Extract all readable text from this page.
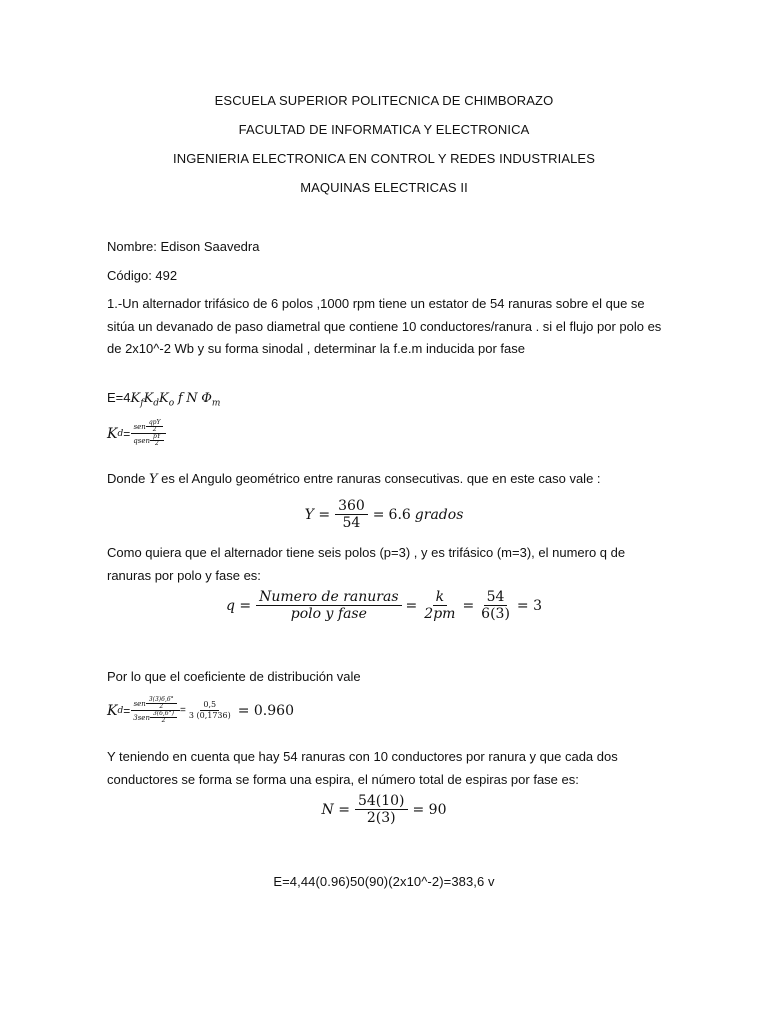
ESCUELA SUPERIOR POLITECNICA DE CHIMBORAZO
FACULTAD DE INFORMATICA Y ELECTRONICA
INGENIERIA ELECTRONICA EN CONTROL Y REDES INDUSTRIALES
MAQUINAS ELECTRICAS II
Nombre: Edison Saavedra
Código: 492
1.-Un alternador trifásico de 6 polos ,1000 rpm tiene un estator de 54 ranuras sobre el que se sitúa un devanado de paso diametral que contiene 10 conductores/ranura . si el flujo por polo es de 2x10^-2 Wb y su forma sinodal , determinar la f.e.m inducida por fase
$E=4K_fK_dK_o$ f N $\Phi_m$
K $d = \frac{sen \frac{\text{qpY}}{2}}{qsen \frac{pY}{2}}$
Donde Υ es el Angulo geométrico entre ranuras consecutivas. que en este caso vale :
$\Upsilon = \frac{360}{54} = 6.6$ grados
Como quiera que el alternador tiene seis polos (p=3) , y es trifásico (m=3), el numero q de ranuras por polo y fase es:
$q = \frac{\text{Numero de ranuras}}{\text{polo y fase}} = \frac{k}{2pm} = \frac{54}{6(3)} = 3$
Por lo que el coeficiente de distribución vale
K $d = \frac{sen \frac{3(3)6,6^\circ}{2}}{3sen \frac{3(6,6^\circ)}{2}} = \frac{0,5}{3 (0,1736)} = 0.960$
Y teniendo en cuenta que hay 54 ranuras con 10 conductores por ranura y que cada dos conductores se forma se forma una espira, el número total de espiras por fase es:
$N = \frac{54(10)}{2(3)} = 90$
E=4,44(0.96)50(90)(2x10^-2)=383,6 v
